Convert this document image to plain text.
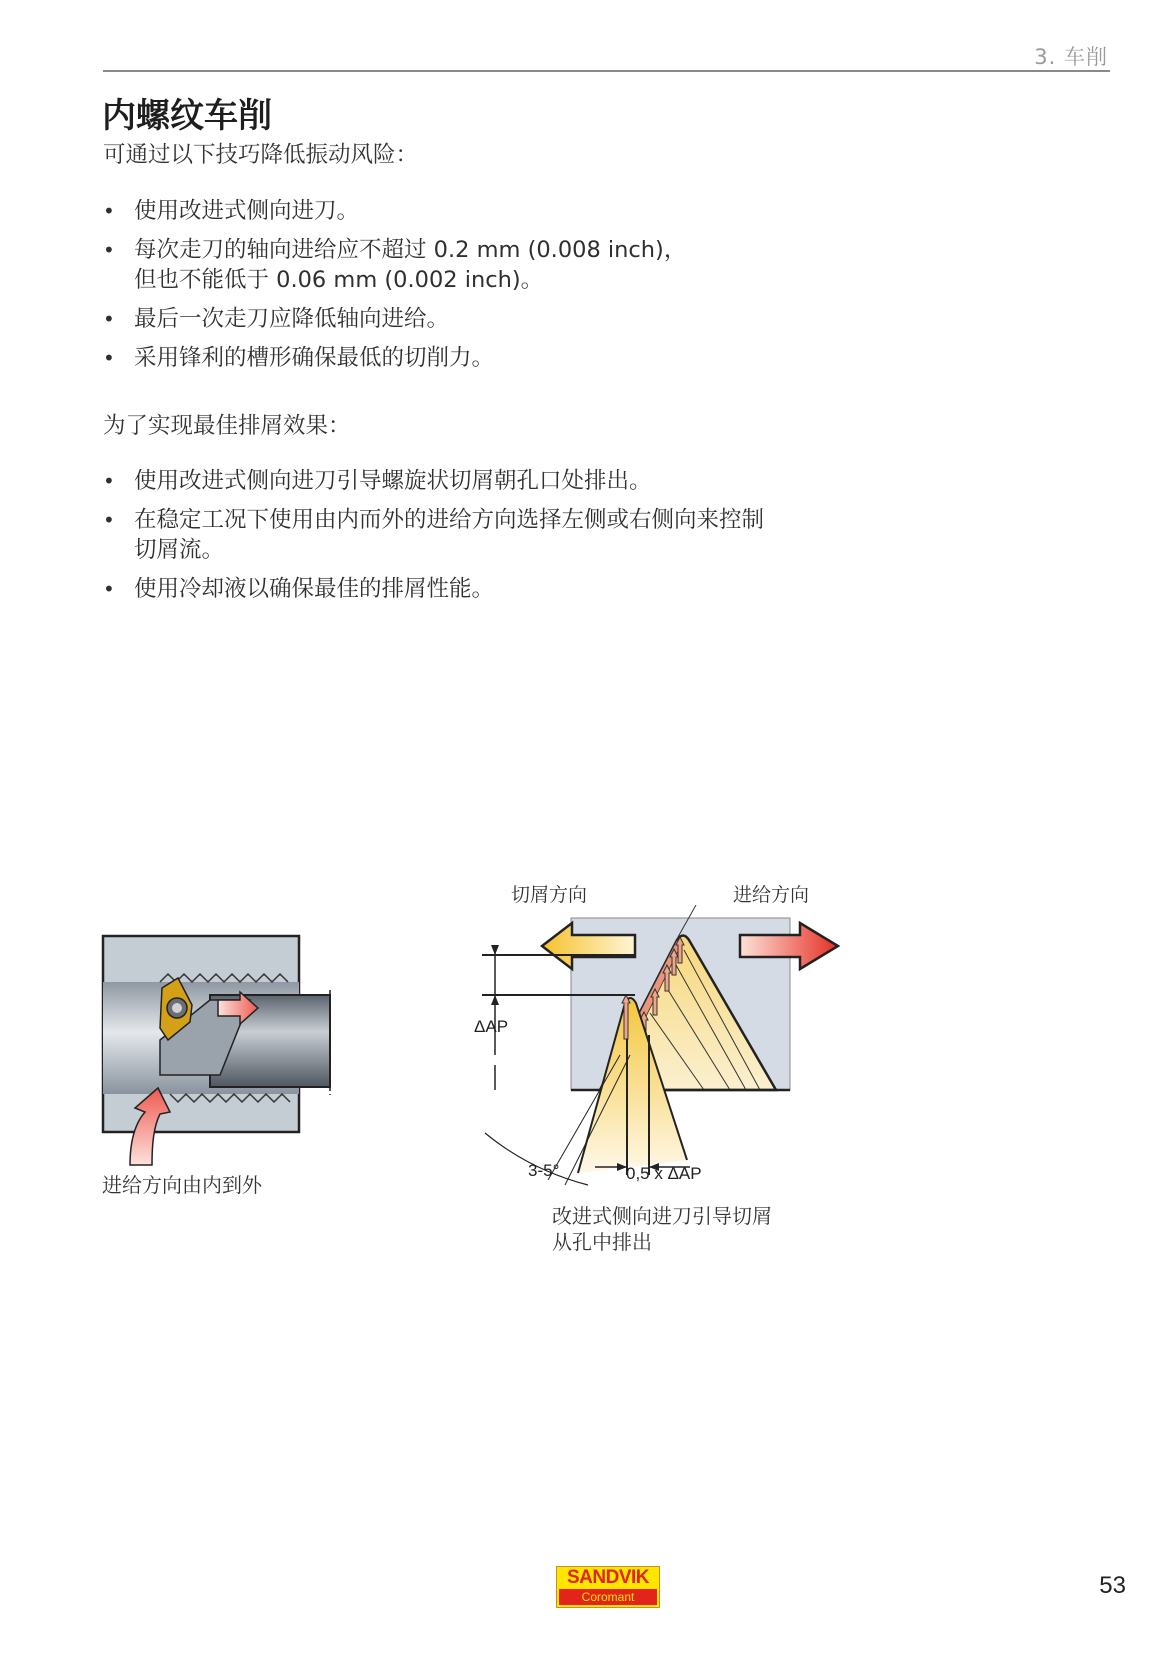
3. 车削
内螺纹车削
可通过以下技巧降低振动风险：
• 使用改进式侧向进刀。
• 每次走刀的轴向进给应不超过 0.2 mm (0.008 inch)，
但也不能低于 0.06 mm (0.002 inch)。
• 最后一次走刀应降低轴向进给。
• 采用锋利的槽形确保最低的切削力。
为了实现最佳排屑效果：
• 使用改进式侧向进刀引导螺旋状切屑朝孔口处排出。
• 在稳定工况下使用由内而外的进给方向选择左侧或右侧向来控制
切屑流。
• 使用冷却液以确保最佳的排屑性能。
进给方向由内到外
切屑方向	进给方向
ΔAP
3-5°	0,5 x ΔAP
改进式侧向进刀引导切屑
从孔中排出
SANDVIK
Coromant	53
